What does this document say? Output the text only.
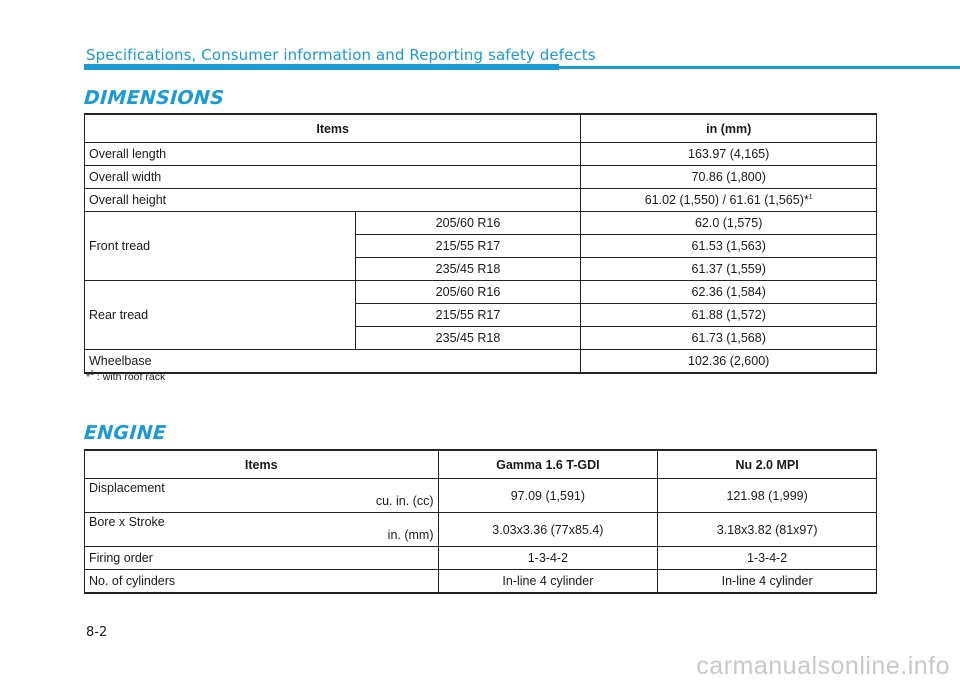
Specifications, Consumer information and Reporting safety defects
DIMENSIONS
Items		in (mm)
Overall length		163.97 (4,165)
Overall width		70.86 (1,800)
Overall height		61.02 (1,550) / 61.61 (1,565)*$^1$
Front tread	205/60 R16	62.0 (1,575)
	215/55 R17	61.53 (1,563)
	235/45 R18	61.37 (1,559)
Rear tread	205/60 R16	62.36 (1,584)
	215/55 R17	61.88 (1,572)
	235/45 R18	61.73 (1,568)
Wheelbase		102.36 (2,600)
*$^1$ : with roof rack
ENGINE
Items	Gamma 1.6 T-GDI	Nu 2.0 MPI

Displacement
cu. in. (cc)	97.09 (1,591)	121.98 (1,999)

Bore x Stroke
in. (mm)	3.03x3.36 (77x85.4)	3.18x3.82 (81x97)
Firing order	1-3-4-2	1-3-4-2
No. of cylinders	In-line 4 cylinder	In-line 4 cylinder
8-2
carmanualsonline.info
